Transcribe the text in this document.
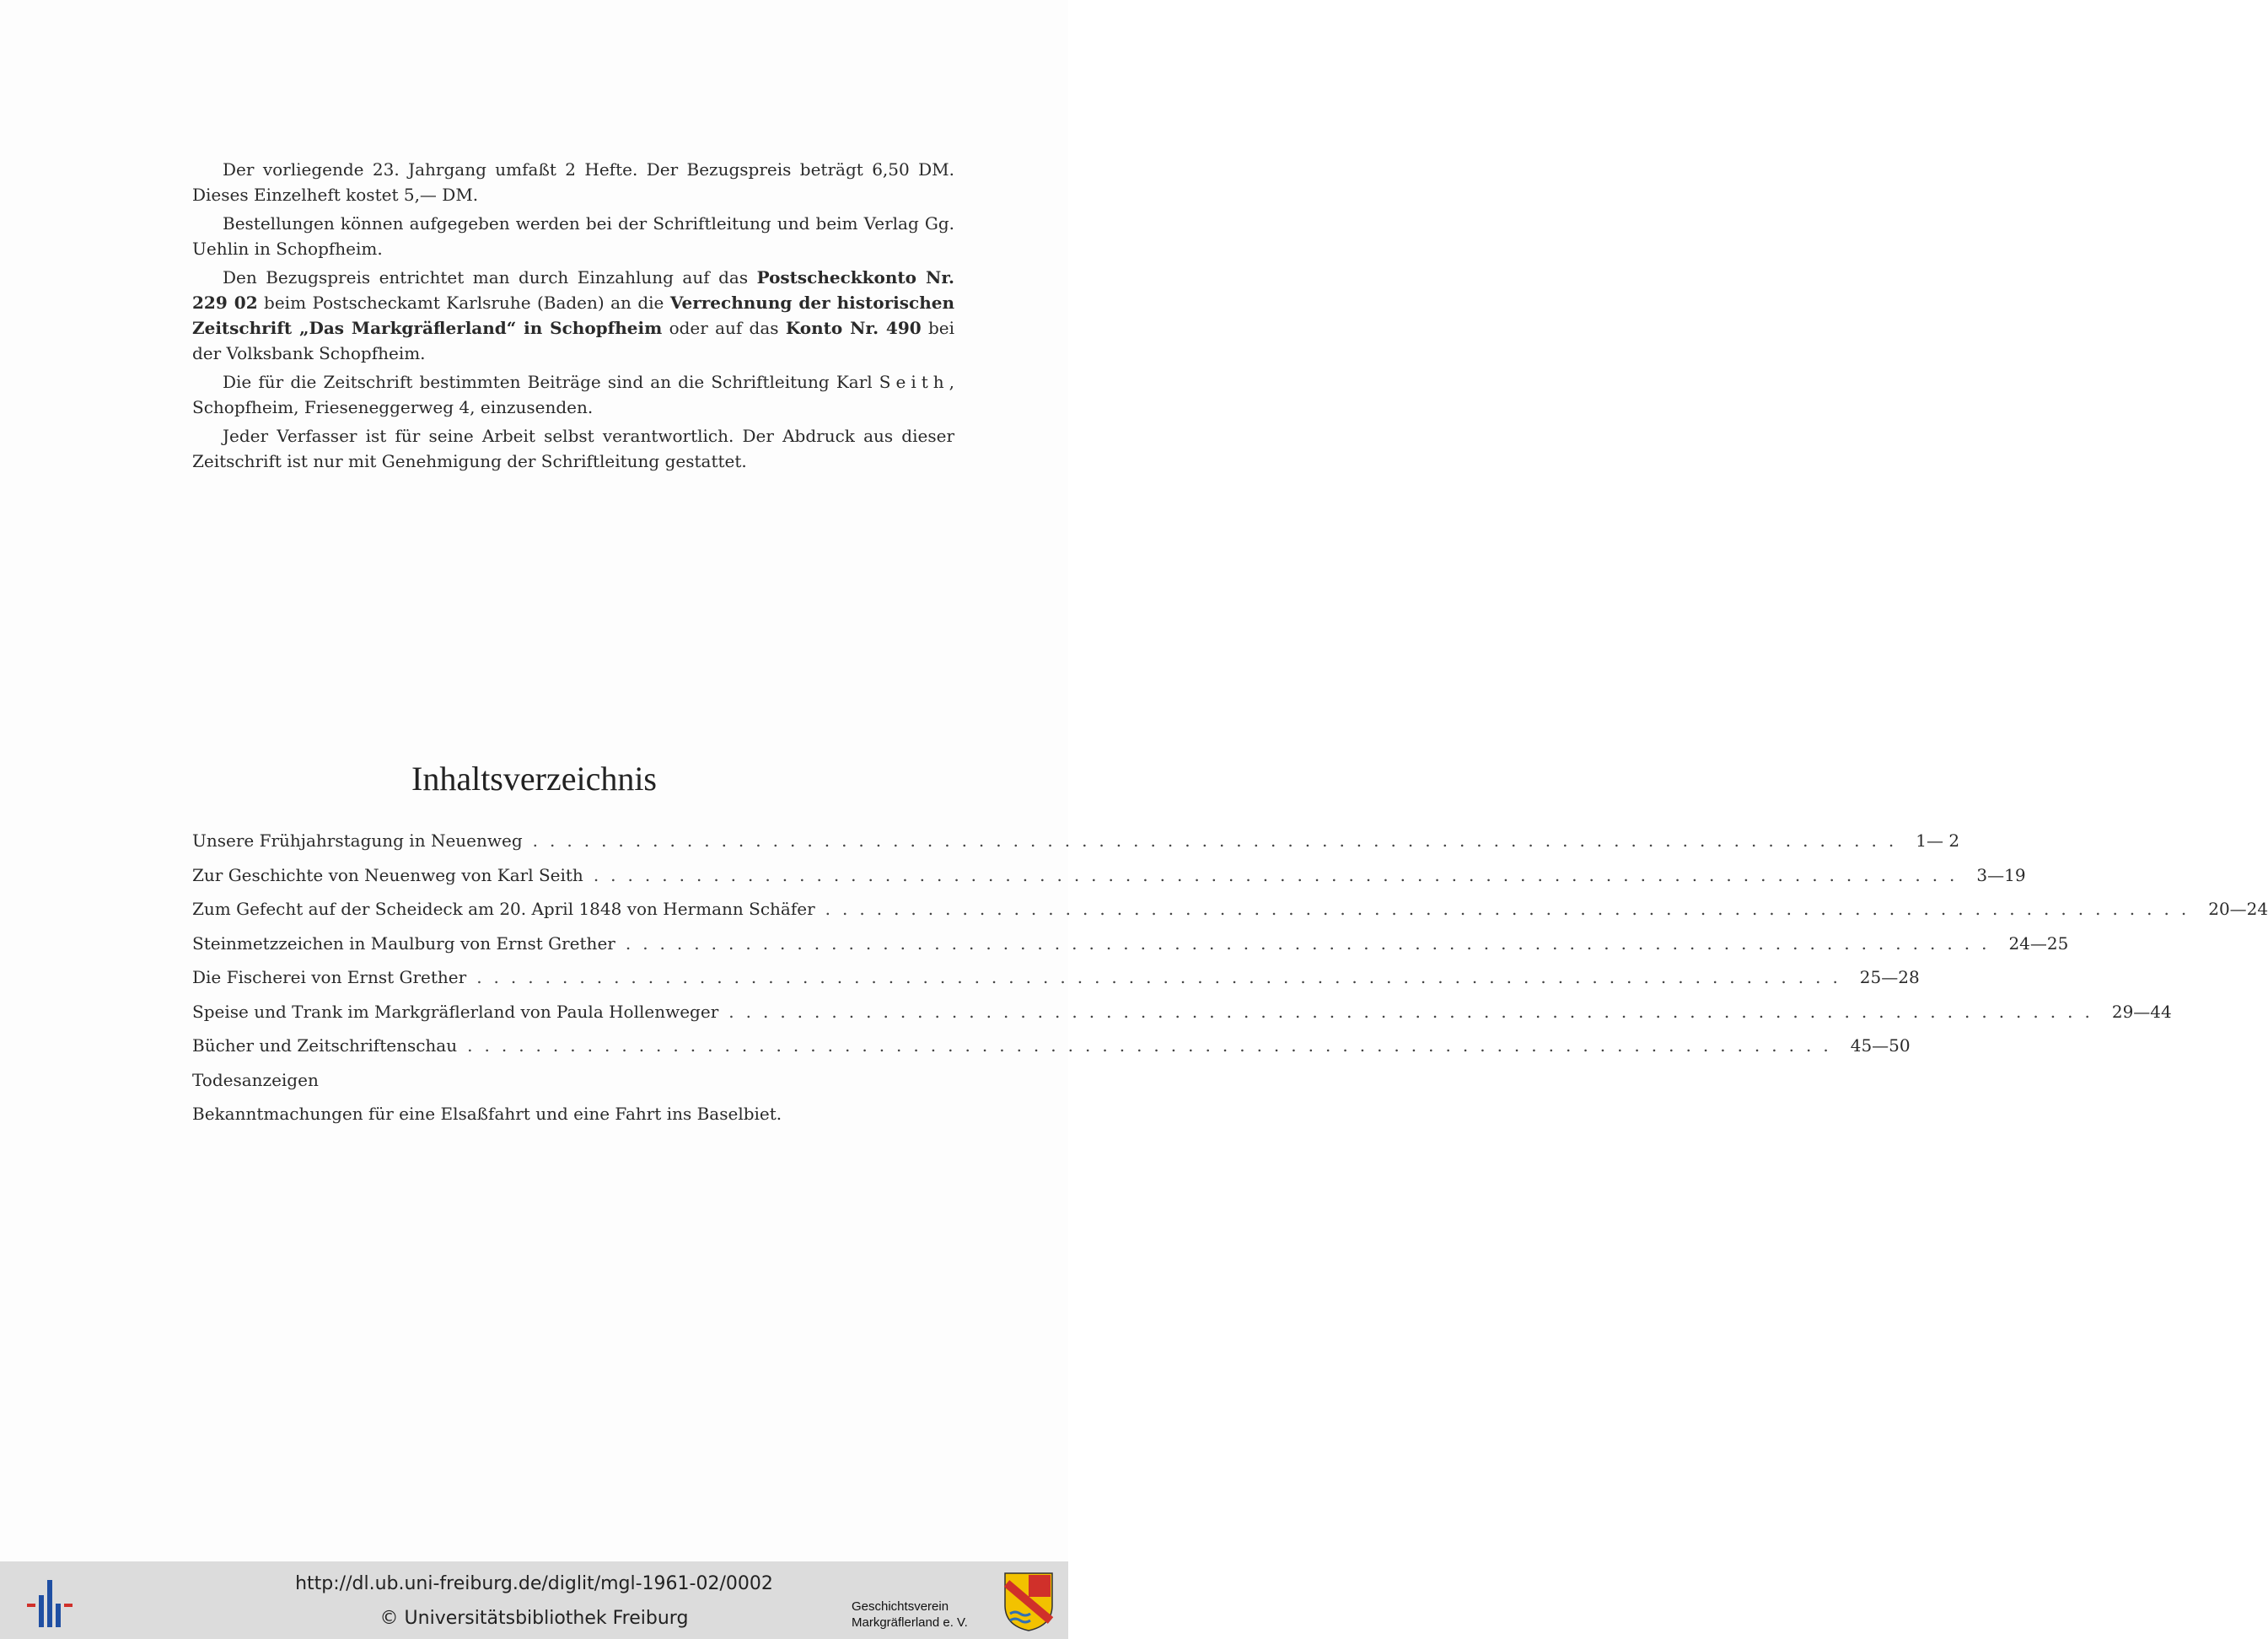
Der vorliegende 23. Jahrgang umfaßt 2 Hefte. Der Bezugspreis beträgt 6,50 DM. Dieses Einzelheft kostet 5,— DM.

Bestellungen können aufgegeben werden bei der Schriftleitung und beim Verlag Gg. Uehlin in Schopfheim.

Den Bezugspreis entrichtet man durch Einzahlung auf das Postscheckkonto Nr. 229 02 beim Postscheckamt Karlsruhe (Baden) an die Verrechnung der historischen Zeitschrift „Das Markgräflerland“ in Schopfheim oder auf das Konto Nr. 490 bei der Volksbank Schopfheim.

Die für die Zeitschrift bestimmten Beiträge sind an die Schriftleitung Karl Seith, Schopfheim, Frieseneggerweg 4, einzusenden.

Jeder Verfasser ist für seine Arbeit selbst verantwortlich. Der Abdruck aus dieser Zeitschrift ist nur mit Genehmigung der Schriftleitung gestattet.

Inhaltsverzeichnis
Unsere Frühjahrstagung in Neuenweg ................................................................................ 1— 2
Zur Geschichte von Neuenweg von Karl Seith ................................................................................ 3—19
Zum Gefecht auf der Scheideck am 20. April 1848 von Hermann Schäfer ................................................................................ 20—24
Steinmetzzeichen in Maulburg von Ernst Grether ................................................................................ 24—25
Die Fischerei von Ernst Grether ................................................................................ 25—28
Speise und Trank im Markgräflerland von Paula Hollenweger ................................................................................ 29—44
Bücher und Zeitschriftenschau ................................................................................ 45—50
Todesanzeigen
Bekanntmachungen für eine Elsaßfahrt und eine Fahrt ins Baselbiet.
http://dl.ub.uni-freiburg.de/diglit/mgl-1961-02/0002
© Universitätsbibliothek Freiburg
Geschichtsverein
Markgräflerland e. V.
